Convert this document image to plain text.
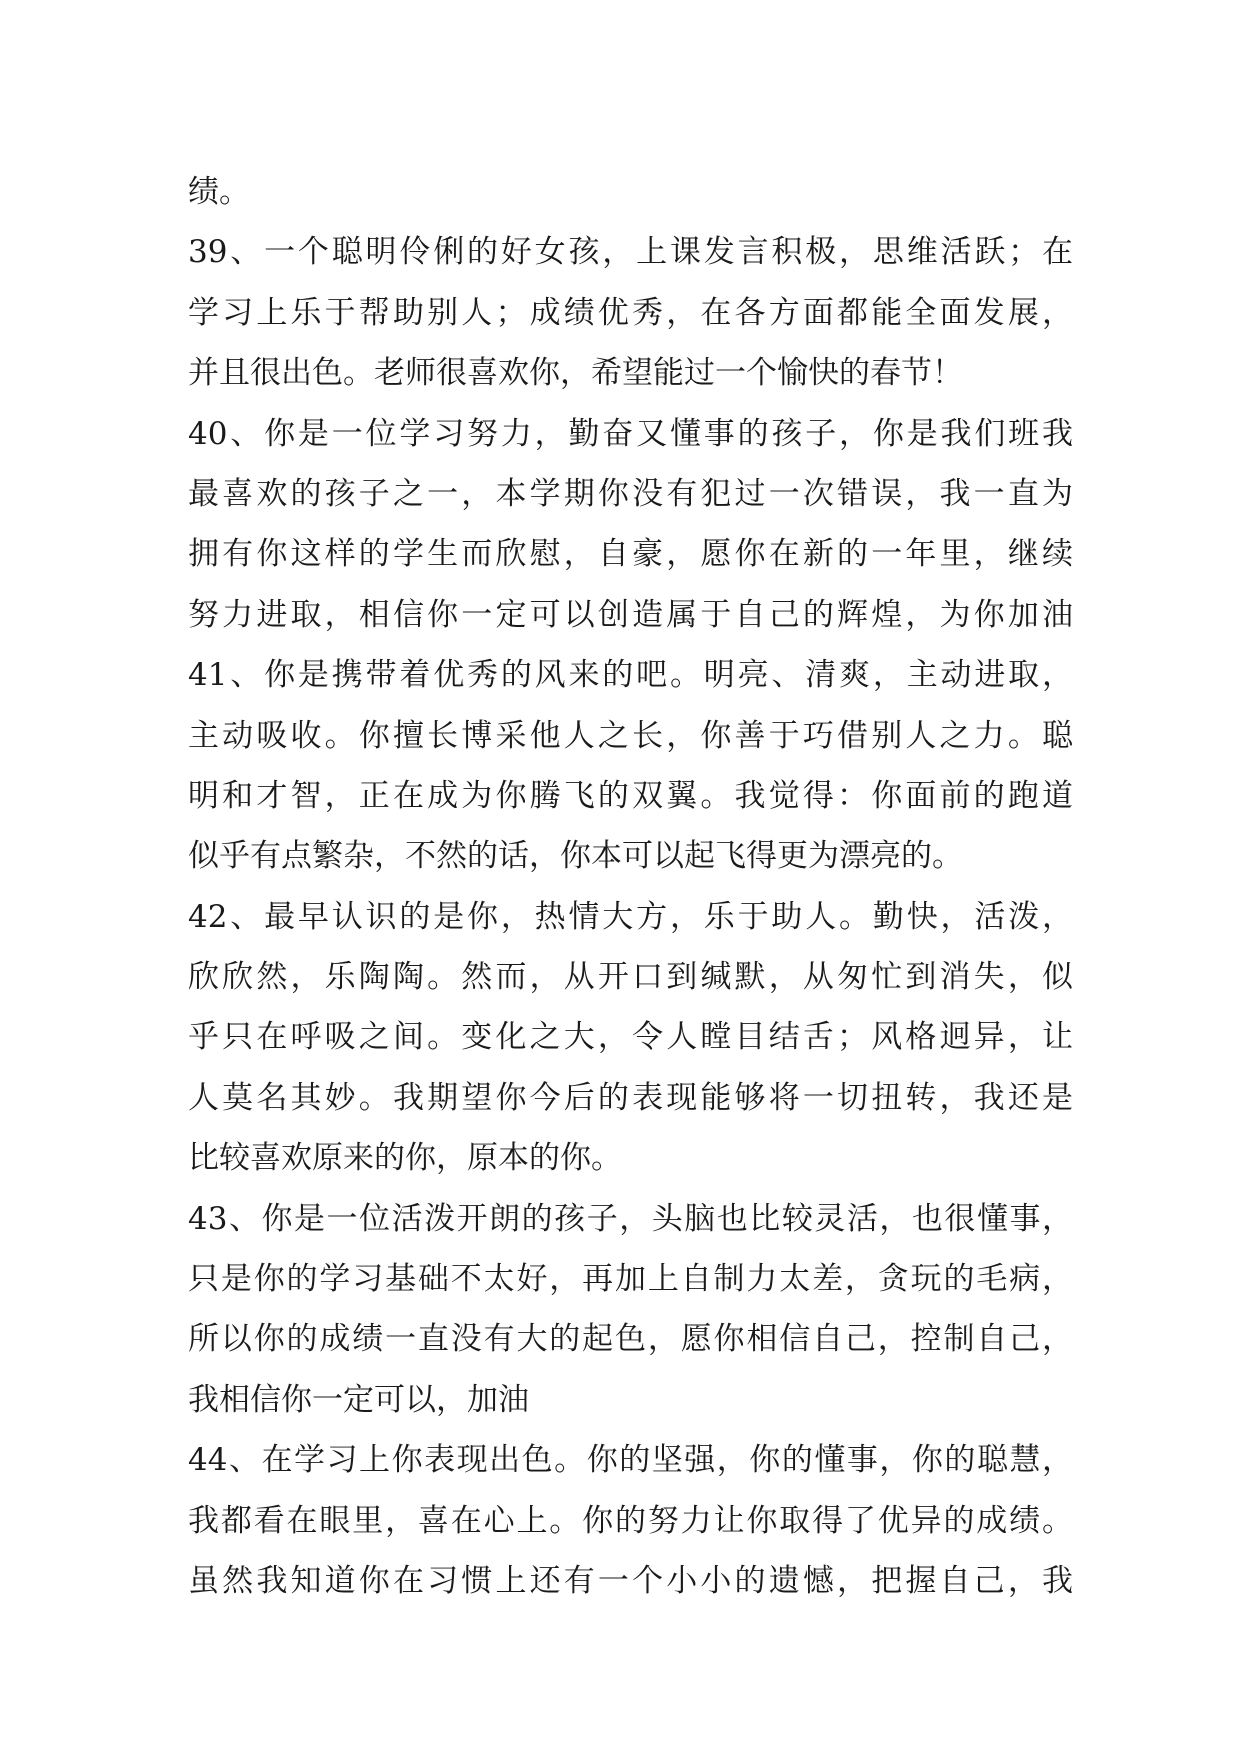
绩。
39、一个聪明伶俐的好女孩，上课发言积极，思维活跃；在
学习上乐于帮助别人；成绩优秀，在各方面都能全面发展，
并且很出色。老师很喜欢你，希望能过一个愉快的春节！
40、你是一位学习努力，勤奋又懂事的孩子，你是我们班我
最喜欢的孩子之一，本学期你没有犯过一次错误，我一直为
拥有你这样的学生而欣慰，自豪，愿你在新的一年里，继续
努力进取，相信你一定可以创造属于自己的辉煌，为你加油
41、你是携带着优秀的风来的吧。明亮、清爽，主动进取，
主动吸收。你擅长博采他人之长，你善于巧借别人之力。聪
明和才智，正在成为你腾飞的双翼。我觉得：你面前的跑道
似乎有点繁杂，不然的话，你本可以起飞得更为漂亮的。
42、最早认识的是你，热情大方，乐于助人。勤快，活泼，
欣欣然，乐陶陶。然而，从开口到缄默，从匆忙到消失，似
乎只在呼吸之间。变化之大，令人瞠目结舌；风格迥异，让
人莫名其妙。我期望你今后的表现能够将一切扭转，我还是
比较喜欢原来的你，原本的你。
43、你是一位活泼开朗的孩子，头脑也比较灵活，也很懂事，
只是你的学习基础不太好，再加上自制力太差，贪玩的毛病，
所以你的成绩一直没有大的起色，愿你相信自己，控制自己，
我相信你一定可以，加油
44、在学习上你表现出色。你的坚强，你的懂事，你的聪慧，
我都看在眼里，喜在心上。你的努力让你取得了优异的成绩。
虽然我知道你在习惯上还有一个小小的遗憾，把握自己，我
